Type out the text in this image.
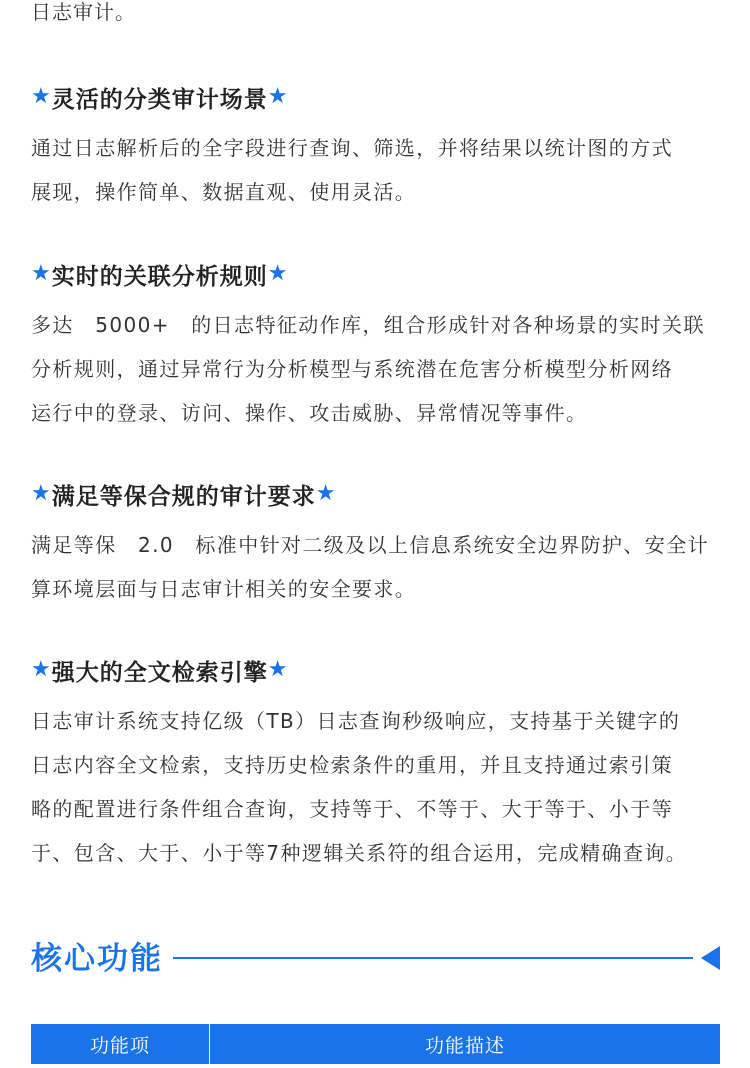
日志审计。
★ 灵活的分类审计场景 ★
通过日志解析后的全字段进行查询、筛选，并将结果以统计图的方式
展现，操作简单、数据直观、使用灵活。
★ 实时的关联分析规则 ★
多达　5000+　的日志特征动作库，组合形成针对各种场景的实时关联
分析规则，通过异常行为分析模型与系统潜在危害分析模型分析网络
运行中的登录、访问、操作、攻击威胁、异常情况等事件。
★ 满足等保合规的审计要求 ★
满足等保　2.0　标准中针对二级及以上信息系统安全边界防护、安全计
算环境层面与日志审计相关的安全要求。
★ 强大的全文检索引擎 ★
日志审计系统支持亿级（TB）日志查询秒级响应，支持基于关键字的
日志内容全文检索，支持历史检索条件的重用，并且支持通过索引策
略的配置进行条件组合查询，支持等于、不等于、大于等于、小于等
于、包含、大于、小于等7种逻辑关系符的组合运用，完成精确查询。
核心功能
功能项	功能描述
